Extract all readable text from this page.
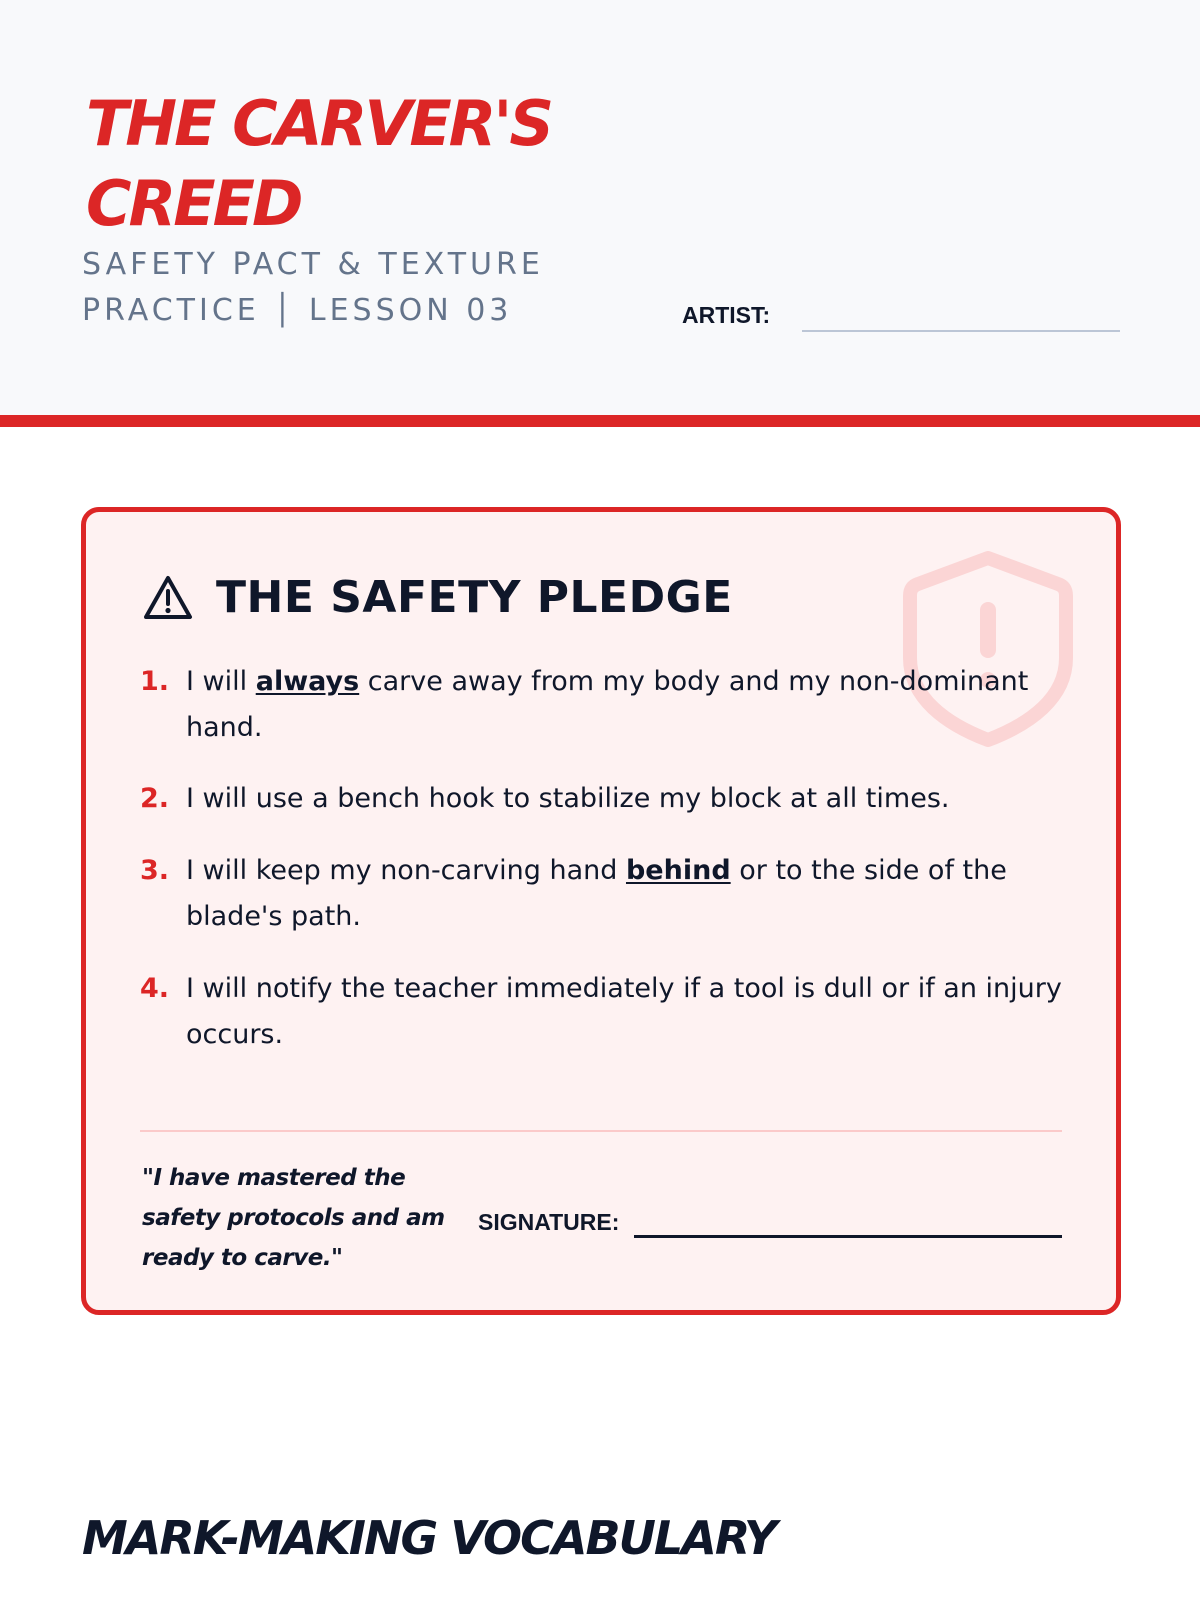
THE CARVER'S CREED

SAFETY PACT & TEXTURE PRACTICE │ LESSON 03	ARTIST:
THE SAFETY PLEDGE
1. I will always carve away from my body and my non-dominant hand.
2. I will use a bench hook to stabilize my block at all times.
3. I will keep my non-carving hand behind or to the side of the blade's path.
4. I will notify the teacher immediately if a tool is dull or if an injury occurs.

"I have mastered the safety protocols and am ready to carve."

SIGNATURE:
MARK-MAKING VOCABULARY
